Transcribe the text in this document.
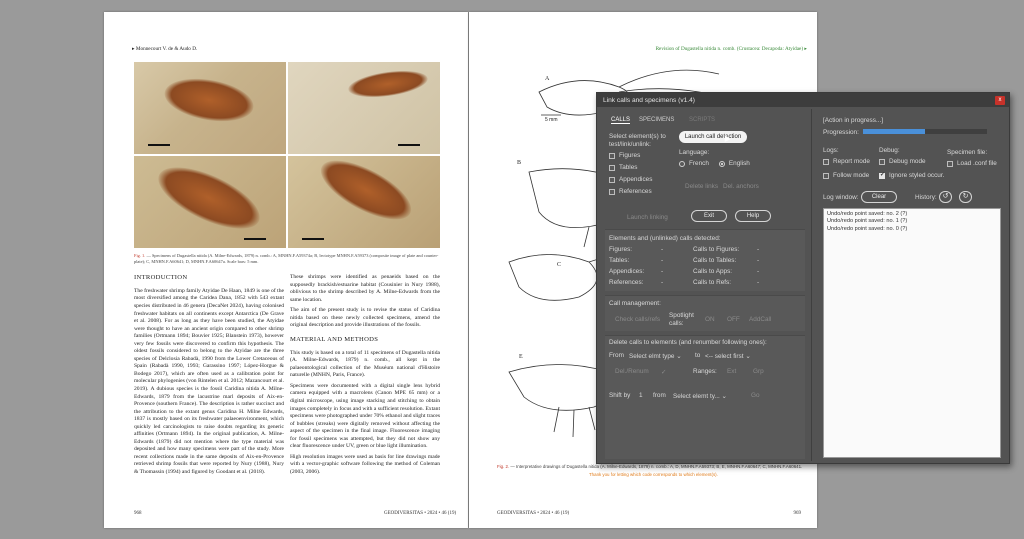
▸ Monnecourt V. de & Audo D.
Fig. 1. — Specimens of Dugastella nitida (A. Milne-Edwards, 1879) n. comb.: A, MNHN.F.A59374a; B, lectotype MNHN.F.A59373 (composite image of plate and counter-plate); C, MNHN.F.A60641; D, MNHN.F.A60647a. Scale bars: 5 mm.
INTRODUCTION

The freshwater shrimp family Atyidae De Haan, 1849 is one of the most diversified among the Caridea Dana, 1852 with 543 extant species distributed in 46 genera (DecaNet 2024), having colonised freshwater habitats on all continents except Antarctica (De Grave et al. 2008). For as long as they have been studied, the Atyidae were thought to have an ancient origin compared to other shrimp families (Ortmann 1894; Bouvier 1925; Blanstein 1973), however very few fossils were discovered to confirm this hypothesis. The oldest fossils considered to belong to the Atyidae are the three species of Delclosia Rabadà, 1990 from the Lower Cretaceous of Spain (Rabadà 1990, 1993; Garassino 1997; López-Horgue & Bodego 2017), which are often used as a calibration point for molecular phylogenies (von Rintelen et al. 2012; Mazancourt et al. 2019). A dubious species is the fossil Caridina nitida A. Milne-Edwards, 1879 from the lacustrine marl deposits of Aix-en-Provence (southern France). The description is rather succinct and the attribution to the extant genus Caridina H. Milne Edwards, 1837 is mostly based on its freshwater palaeoenvironment, which quickly led carcinologists to raise doubts regarding its generic affinities (Ortmann 1894). In the original publication, A. Milne-Edwards (1879) did not mention where the type material was deposited and how many specimens were part of the study. More recent collections made in the same deposits of Aix-en-Provence retrieved shrimp fossils that were reported by Nury (1988), Nury & Thomassin (1994) and figured by Goodant et al. (2018).

These shrimps were identified as penaeids based on the supposedly brackish/estuarine habitat (Cousinier in Nury 1988), oblivious to the shrimp described by A. Milne-Edwards from the same location.

The aim of the present study is to revise the status of Caridina nitida based on these newly collected specimens, amend the original description and provide illustrations of the fossils.

MATERIAL AND METHODS

This study is based on a total of 11 specimens of Dugastella nitida (A. Milne-Edwards, 1879) n. comb., all kept in the palaeontological collection of the Muséum national d'Histoire naturelle (MNHN, Paris, France).

Specimens were documented with a digital single lens hybrid camera equipped with a macrolens (Canon MPE 65 mm) or a digital microscope, using image stacking and stitching to obtain images completely in focus and with a sufficient resolution. Extant specimens were photographed under 70% ethanol and slight traces of bubbles (streaks) were digitally removed without affecting the aspect of the specimen in the final image. Fluorescence imaging for fossil specimens was attempted, but they did not show any clear fluorescence under UV, green or blue light illumination.

High resolution images were used as basis for line drawings made with a vector-graphic software following the method of Coleman (2003, 2006).

968	GEODIVERSITAS • 2024 • 46 (19)
Revision of Dugastella nitida n. comb. (Crustacea: Decapoda: Atyidae) ▸
5 mm
A
B
C
E
Fig. 2. — Interpretative drawings of Dugastella nitida (A. Milne-Edwards, 1879) n. comb.: A, D, MNHN.F.A59373; B, E, MNHN.F.A60647; C, MNHN.F.A60641.
Thank you for letting which code corresponds to which element(s).
GEODIVERSITAS • 2024 • 46 (19)	969
Link calls and specimens (v1.4)	x
CALLS SPECIMENS SCRIPTS
Select element(s) to test/link/unlink:
Launch call detection
Figures
Tables
Appendices
References
Language:
French	English
Delete links Del. anchors
Launch linking	Exit	Help
Elements and (unlinked) calls detected:
Figures:	-
Tables:	-
Appendices:	-
References:	-
Calls to Figures:	-
Calls to Tables:	-
Calls to Apps:	-
Calls to Refs:	-
Call management:
Check calls/refs
Spotlight calls:
ON OFF AddCall
Delete calls to elements (and renumber following ones):
From Select elmt type ⌄ to <-- select first ⌄
Del./Renum ✓	Ranges: Ext	Grp
Shift by 1 from Select elemt ty... ⌄	Go
[Action in progress...]
Progression:
Logs:	Debug:	Specimen file:
Report mode	Debug mode	Load .conf file
Follow mode
✓	Ignore styled occur.
Log window:	Clear	History: ↺	↻
Undo/redo point saved: no. 2 (?)
Undo/redo point saved: no. 1 (?)
Undo/redo point saved: no. 0 (?)
